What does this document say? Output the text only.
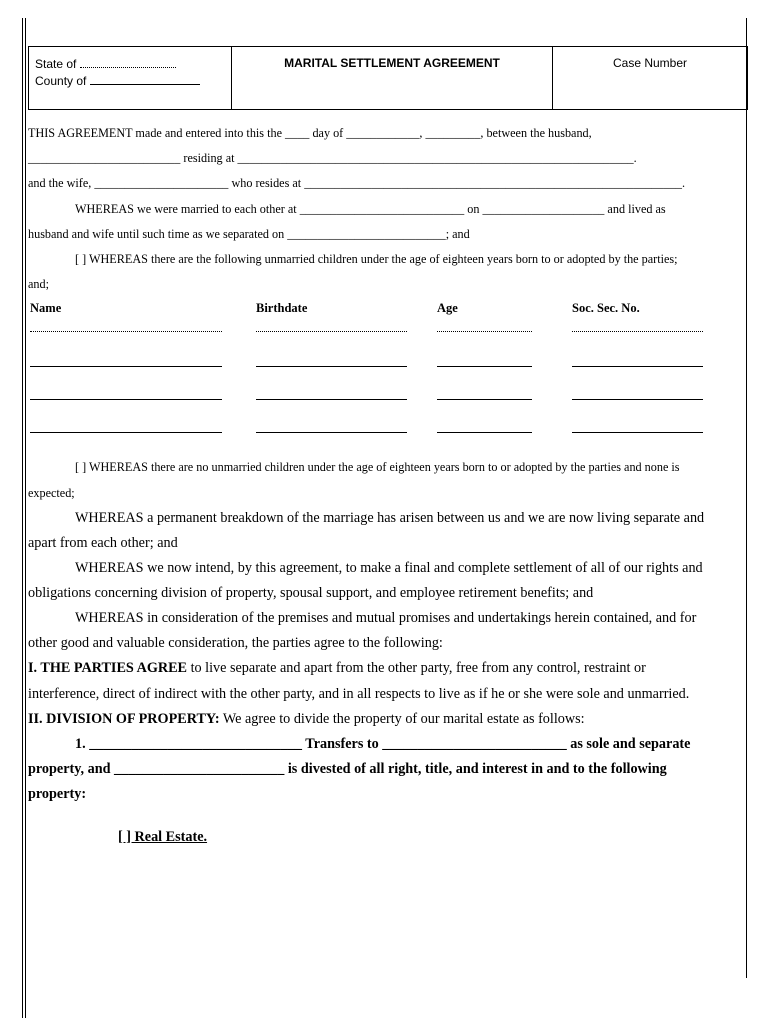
State of
County of
MARITAL SETTLEMENT AGREEMENT	Case Number
THIS AGREEMENT made and entered into this the ____ day of ____________, _________, between the husband,
_________________________ residing at _________________________________________________________________.
and the wife, ______________________ who resides at ______________________________________________________________.
WHEREAS we were married to each other at ___________________________ on ____________________ and lived as
husband and wife until such time as we separated on __________________________; and
[ ] WHEREAS there are the following unmarried children under the age of eighteen years born to or adopted by the parties;
and;
Name	Birthdate	Age	Soc. Sec. No.
[ ] WHEREAS there are no unmarried children under the age of eighteen years born to or adopted by the parties and none is
expected;
WHEREAS a permanent breakdown of the marriage has arisen between us and we are now living separate and
apart from each other; and
WHEREAS we now intend, by this agreement, to make a final and complete settlement of all of our rights and
obligations concerning division of property, spousal support, and employee retirement benefits; and
WHEREAS in consideration of the premises and mutual promises and undertakings herein contained, and for
other good and valuable consideration, the parties agree to the following:
I. THE PARTIES AGREE to live separate and apart from the other party, free from any control, restraint or
interference, direct of indirect with the other party, and in all respects to live as if he or she were sole and unmarried.
II. DIVISION OF PROPERTY: We agree to divide the property of our marital estate as follows:
1. ______________________________ Transfers to __________________________ as sole and separate
property, and ________________________ is divested of all right, title, and interest in and to the following
property:
[ ] Real Estate.
